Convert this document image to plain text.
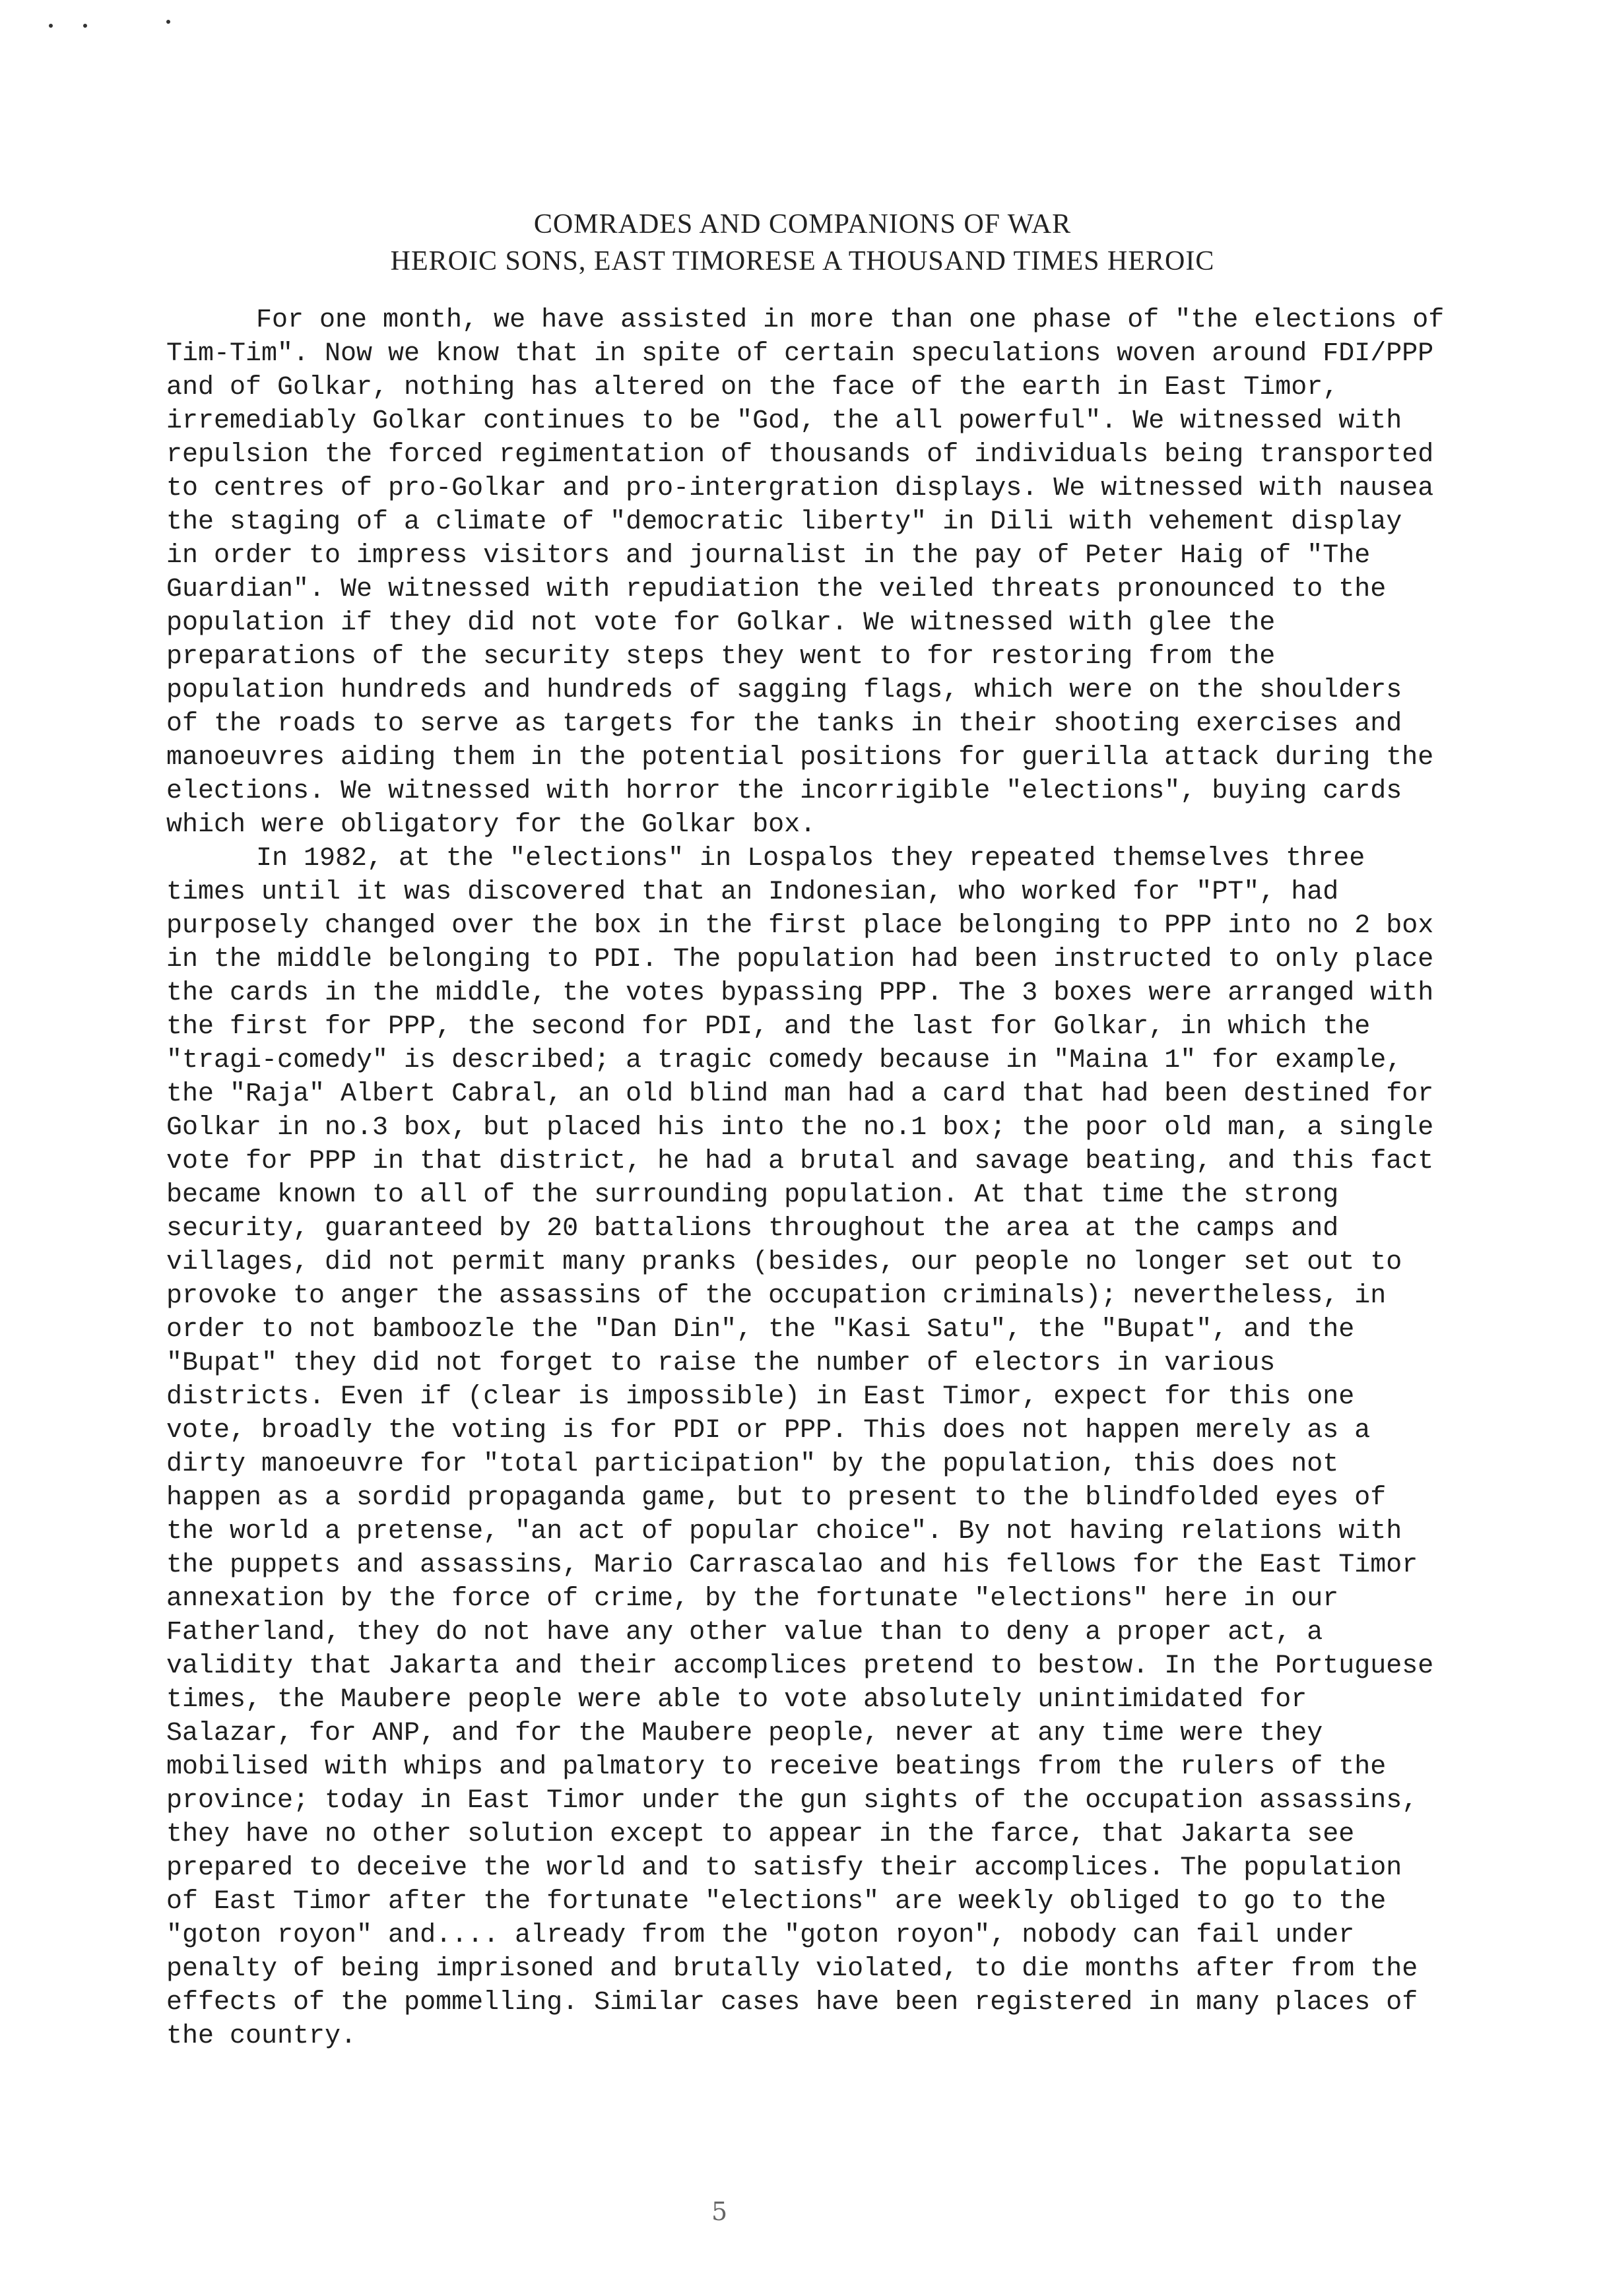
COMRADES AND COMPANIONS OF WAR
HEROIC SONS, EAST TIMORESE A THOUSAND TIMES HEROIC
For one month, we have assisted in more than one phase of "the elections of
Tim-Tim". Now we know that in spite of certain speculations woven around FDI/PPP
and of Golkar, nothing has altered on the face of the earth in East Timor,
irremediably Golkar continues to be "God, the all powerful". We witnessed with
repulsion the forced regimentation of thousands of individuals being transported
to centres of pro-Golkar and pro-intergration displays. We witnessed with nausea
the staging of a climate of "democratic liberty" in Dili with vehement display
in order to impress visitors and journalist in the pay of Peter Haig of "The
Guardian". We witnessed with repudiation the veiled threats pronounced to the
population if they did not vote for Golkar. We witnessed with glee the
preparations of the security steps they went to for restoring from the
population hundreds and hundreds of sagging flags, which were on the shoulders
of the roads to serve as targets for the tanks in their shooting exercises and
manoeuvres aiding them in the potential positions for guerilla attack during the
elections. We witnessed with horror the incorrigible "elections", buying cards
which were obligatory for the Golkar box.
In 1982, at the "elections" in Lospalos they repeated themselves three
times until it was discovered that an Indonesian, who worked for "PT", had
purposely changed over the box in the first place belonging to PPP into no 2 box
in the middle belonging to PDI. The population had been instructed to only place
the cards in the middle, the votes bypassing PPP. The 3 boxes were arranged with
the first for PPP, the second for PDI, and the last for Golkar, in which the
"tragi-comedy" is described; a tragic comedy because in "Maina 1" for example,
the "Raja" Albert Cabral, an old blind man had a card that had been destined for
Golkar in no.3 box, but placed his into the no.1 box; the poor old man, a single
vote for PPP in that district, he had a brutal and savage beating, and this fact
became known to all of the surrounding population. At that time the strong
security, guaranteed by 20 battalions throughout the area at the camps and
villages, did not permit many pranks (besides, our people no longer set out to
provoke to anger the assassins of the occupation criminals); nevertheless, in
order to not bamboozle the "Dan Din", the "Kasi Satu", the "Bupat", and the
"Bupat" they did not forget to raise the number of electors in various
districts. Even if (clear is impossible) in East Timor, expect for this one
vote, broadly the voting is for PDI or PPP. This does not happen merely as a
dirty manoeuvre for "total participation" by the population, this does not
happen as a sordid propaganda game, but to present to the blindfolded eyes of
the world a pretense, "an act of popular choice". By not having relations with
the puppets and assassins, Mario Carrascalao and his fellows for the East Timor
annexation by the force of crime, by the fortunate "elections" here in our
Fatherland, they do not have any other value than to deny a proper act, a
validity that Jakarta and their accomplices pretend to bestow. In the Portuguese
times, the Maubere people were able to vote absolutely unintimidated for
Salazar, for ANP, and for the Maubere people, never at any time were they
mobilised with whips and palmatory to receive beatings from the rulers of the
province; today in East Timor under the gun sights of the occupation assassins,
they have no other solution except to appear in the farce, that Jakarta see
prepared to deceive the world and to satisfy their accomplices. The population
of East Timor after the fortunate "elections" are weekly obliged to go to the
"goton royon" and.... already from the "goton royon", nobody can fail under
penalty of being imprisoned and brutally violated, to die months after from the
effects of the pommelling. Similar cases have been registered in many places of
the country.
5
